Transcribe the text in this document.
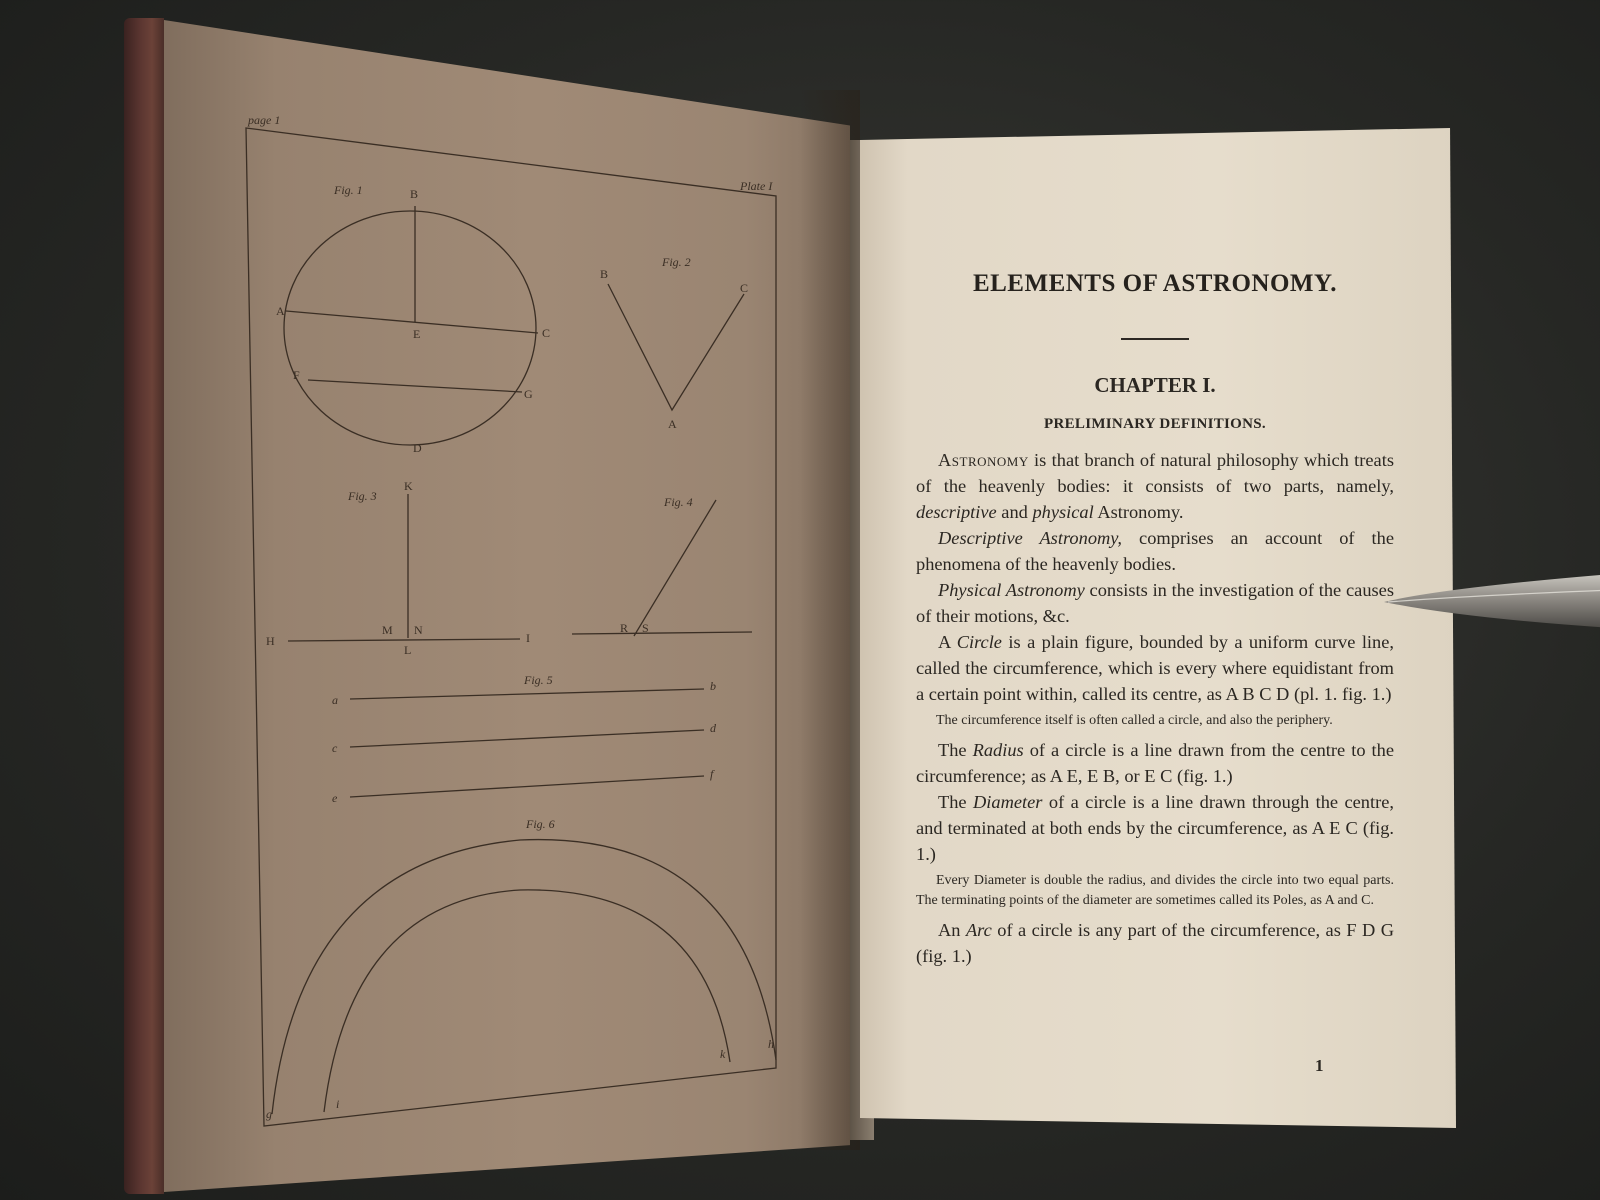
page 1
Plate I
Fig. 1
A
B
C
D
E
F
G
Fig. 2
B
C
A
Fig. 3
K
M N
L
H	I
Fig. 4
R S
Fig. 5
a
b
c
d
e
f
Fig. 6
g
i
k
h
ELEMENTS OF ASTRONOMY.
CHAPTER I.
PRELIMINARY DEFINITIONS.

Astronomy is that branch of natural philosophy which treats of the heavenly bodies: it consists of two parts, namely, descriptive and physical Astronomy.

Descriptive Astronomy, comprises an account of the phenomena of the heavenly bodies.

Physical Astronomy consists in the investigation of the causes of their motions, &c.

A Circle is a plain figure, bounded by a uniform curve line, called the circumference, which is every where equidistant from a certain point within, called its centre, as A B C D (pl. 1. fig. 1.)

The circumference itself is often called a circle, and also the periphery.

The Radius of a circle is a line drawn from the centre to the circumference; as A E, E B, or E C (fig. 1.)

The Diameter of a circle is a line drawn through the centre, and terminated at both ends by the circumference, as A E C (fig. 1.)

Every Diameter is double the radius, and divides the circle into two equal parts. The terminating points of the diameter are sometimes called its Poles, as A and C.

An Arc of a circle is any part of the circumference, as F D G (fig. 1.)

1
